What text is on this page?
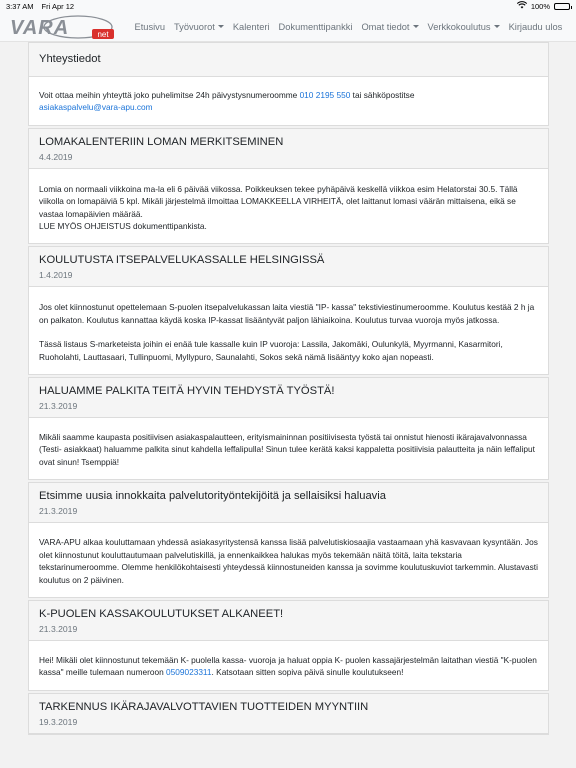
3:37 AM Fri Apr 12	100%
VARA	net
Etusivu Työvuorot Kalenteri Dokumenttipankki Omat tiedot Verkkokoulutus Kirjaudu ulos
Yhteystiedot
Voit ottaa meihin yhteyttä joko puhelimitse 24h päivystysnumeroomme 010 2195 550 tai sähköpostitse
asiakaspalvelu@vara-apu.com
LOMAKALENTERIIN LOMAN MERKITSEMINEN
4.4.2019

Lomia on normaali viikkoina ma-la eli 6 päivää viikossa. Poikkeuksen tekee pyhäpäivä keskellä viikkoa esim Helatorstai 30.5. Tällä viikolla on lomapäiviä 5 kpl. Mikäli järjestelmä ilmoittaa LOMAKKEELLA VIRHEITÄ, olet laittanut lomasi väärän mittaisena, eikä se vastaa lomapäivien määrää.

LUE MYÖS OHJEISTUS dokumenttipankista.

KOULUTUSTA ITSEPALVELUKASSALLE HELSINGISSÄ
1.4.2019

Jos olet kiinnostunut opettelemaan S-puolen itsepalvelukassan laita viestiä "IP- kassa" tekstiviestinumeroomme. Koulutus kestää 2 h ja on palkaton. Koulutus kannattaa käydä koska IP-kassat lisääntyvät paljon lähiaikoina. Koulutus turvaa vuoroja myös jatkossa.

Tässä listaus S-marketeista joihin ei enää tule kassalle kuin IP vuoroja: Lassila, Jakomäki, Oulunkylä, Myyrmanni, Kasarmitori, Ruoholahti, Lauttasaari, Tullinpuomi, Myllypuro, Saunalahti, Sokos sekä nämä lisääntyy koko ajan nopeasti.

HALUAMME PALKITA TEITÄ HYVIN TEHDYSTÄ TYÖSTÄ!
21.3.2019

Mikäli saamme kaupasta positiivisen asiakaspalautteen, erityismaininnan positiivisesta työstä tai onnistut hienosti ikärajavalvonnassa (Testi- asiakkaat) haluamme palkita sinut kahdella leffalipulla! Sinun tulee kerätä kaksi kappaletta positiivisia palautteita ja näin leffaliput ovat sinun! Tsemppiä!

Etsimme uusia innokkaita palvelutorityöntekijöitä ja sellaisiksi haluavia
21.3.2019

VARA-APU alkaa kouluttamaan yhdessä asiakasyritystensä kanssa lisää palvelutiskiosaajia vastaamaan yhä kasvavaan kysyntään. Jos olet kiinnostunut kouluttautumaan palvelutiskillä, ja ennenkaikkea halukas myös tekemään näitä töitä, laita tekstaria tekstarinumeroomme. Olemme henkilökohtaisesti yhteydessä kiinnostuneiden kanssa ja sovimme koulutuskuviot tarkemmin. Alustavasti koulutus on 2 päivinen.

K-PUOLEN KASSAKOULUTUKSET ALKANEET!
21.3.2019
Hei! Mikäli olet kiinnostunut tekemään K- puolella kassa- vuoroja ja haluat oppia K- puolen kassajärjestelmän laitathan viestiä "K-puolen kassa" meille tulemaan numeroon 0509023311. Katsotaan sitten sopiva päivä sinulle koulutukseen!
TARKENNUS IKÄRAJAVALVOTTAVIEN TUOTTEIDEN MYYNTIIN
19.3.2019
